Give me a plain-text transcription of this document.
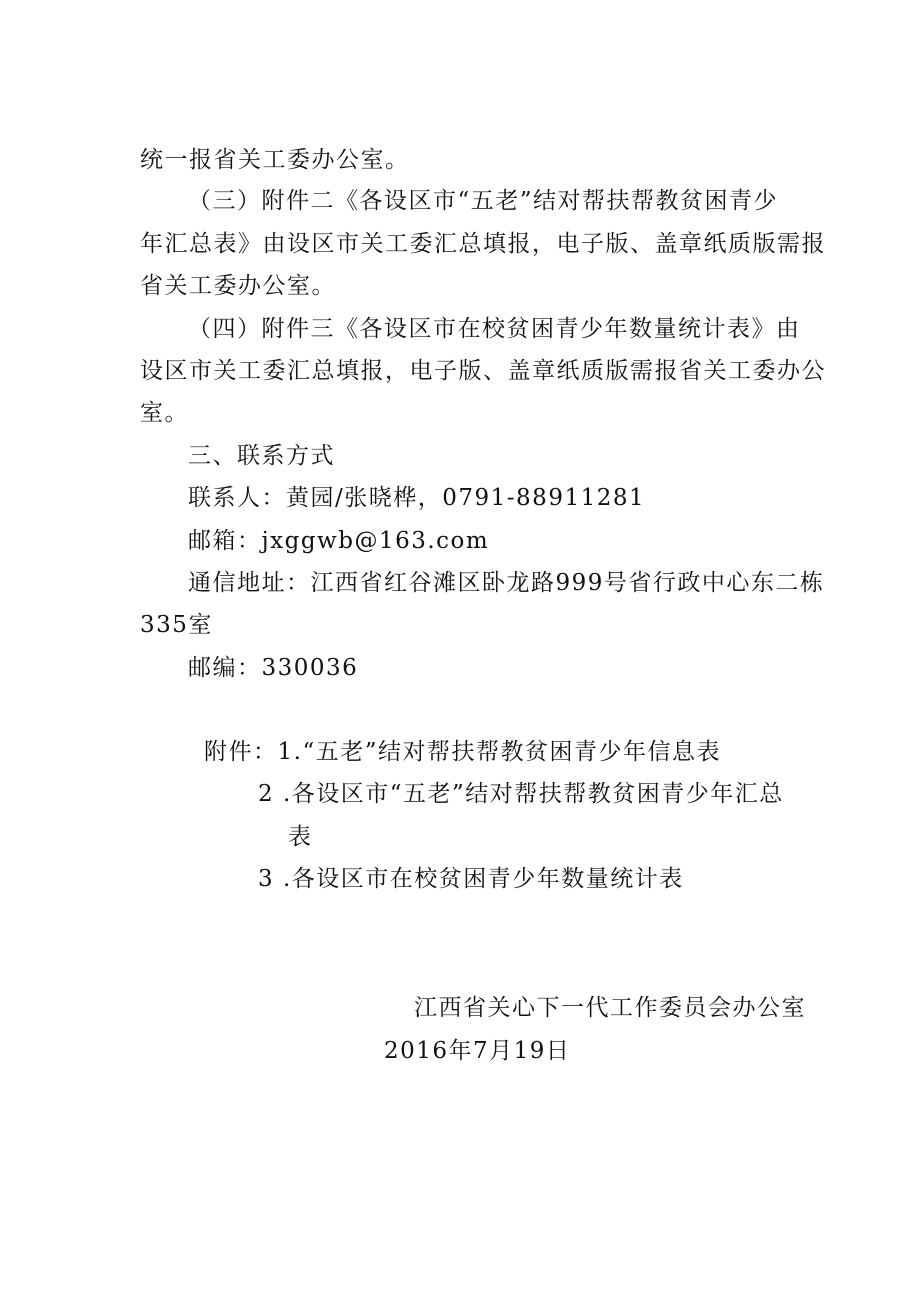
统一报省关工委办公室。
（三）附件二《各设区市“五老”结对帮扶帮教贫困青少
年汇总表》由设区市关工委汇总填报，电子版、盖章纸质版需报
省关工委办公室。
（四）附件三《各设区市在校贫困青少年数量统计表》由
设区市关工委汇总填报，电子版、盖章纸质版需报省关工委办公
室。
三、联系方式
联系人：黄园/张晓桦，0791-88911281
邮箱：jxggwb@163.com
通信地址：江西省红谷滩区卧龙路999号省行政中心东二栋
335室
邮编：330036
附件：1.“五老”结对帮扶帮教贫困青少年信息表
2 .各设区市“五老”结对帮扶帮教贫困青少年汇总
表
3 .各设区市在校贫困青少年数量统计表
江西省关心下一代工作委员会办公室
2016年7月19日
